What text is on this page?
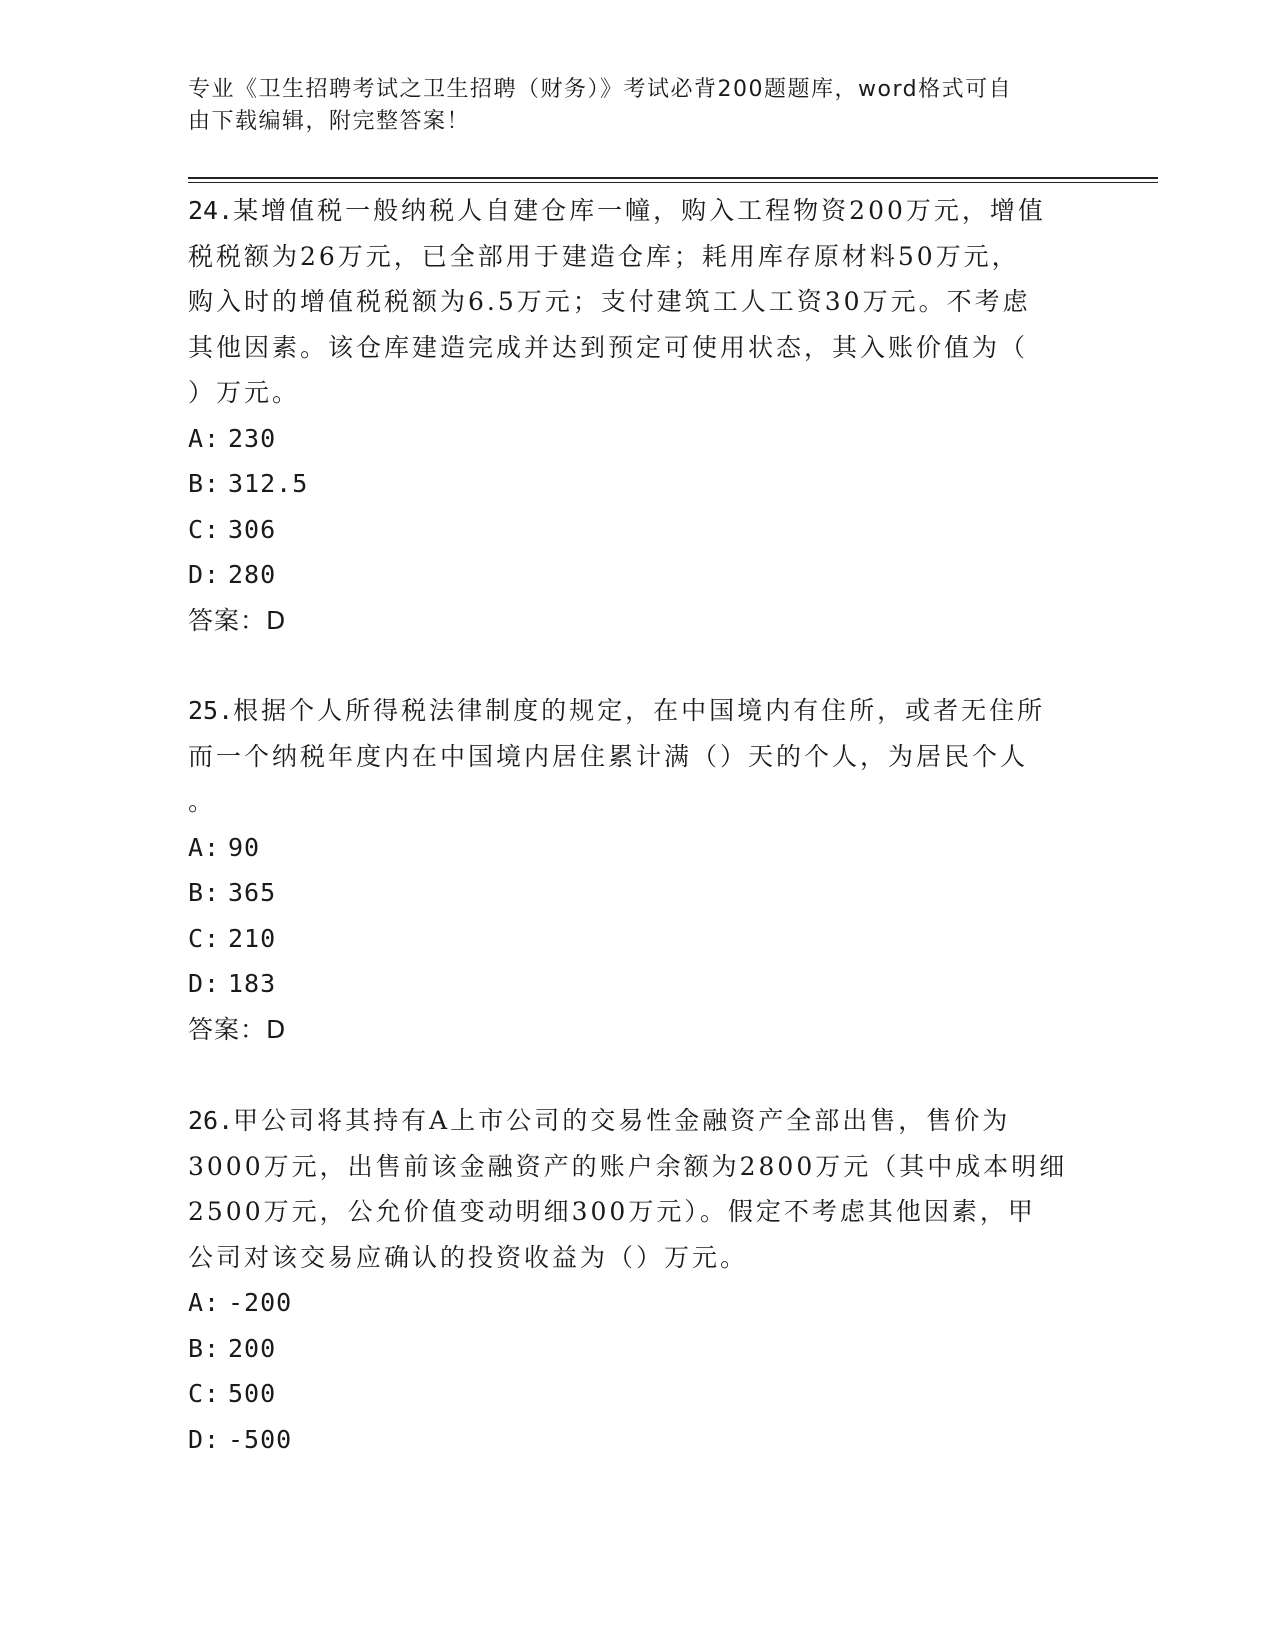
专业《卫生招聘考试之卫生招聘（财务）》考试必背200题题库，word格式可自
由下载编辑，附完整答案！

24.某增值税一般纳税人自建仓库一幢，购入工程物资200万元，增值
税税额为26万元，已全部用于建造仓库；耗用库存原材料50万元，
购入时的增值税税额为6.5万元；支付建筑工人工资30万元。不考虑
其他因素。该仓库建造完成并达到预定可使用状态，其入账价值为（
）万元。

A: 230
B: 312.5
C: 306
D: 280
答案：D

25.根据个人所得税法律制度的规定，在中国境内有住所，或者无住所
而一个纳税年度内在中国境内居住累计满（）天的个人，为居民个人
。

A: 90
B: 365
C: 210
D: 183
答案：D

26.甲公司将其持有A上市公司的交易性金融资产全部出售，售价为
3000万元，出售前该金融资产的账户余额为2800万元（其中成本明细
2500万元，公允价值变动明细300万元）。假定不考虑其他因素，甲
公司对该交易应确认的投资收益为（）万元。

A: -200
B: 200
C: 500
D: -500
